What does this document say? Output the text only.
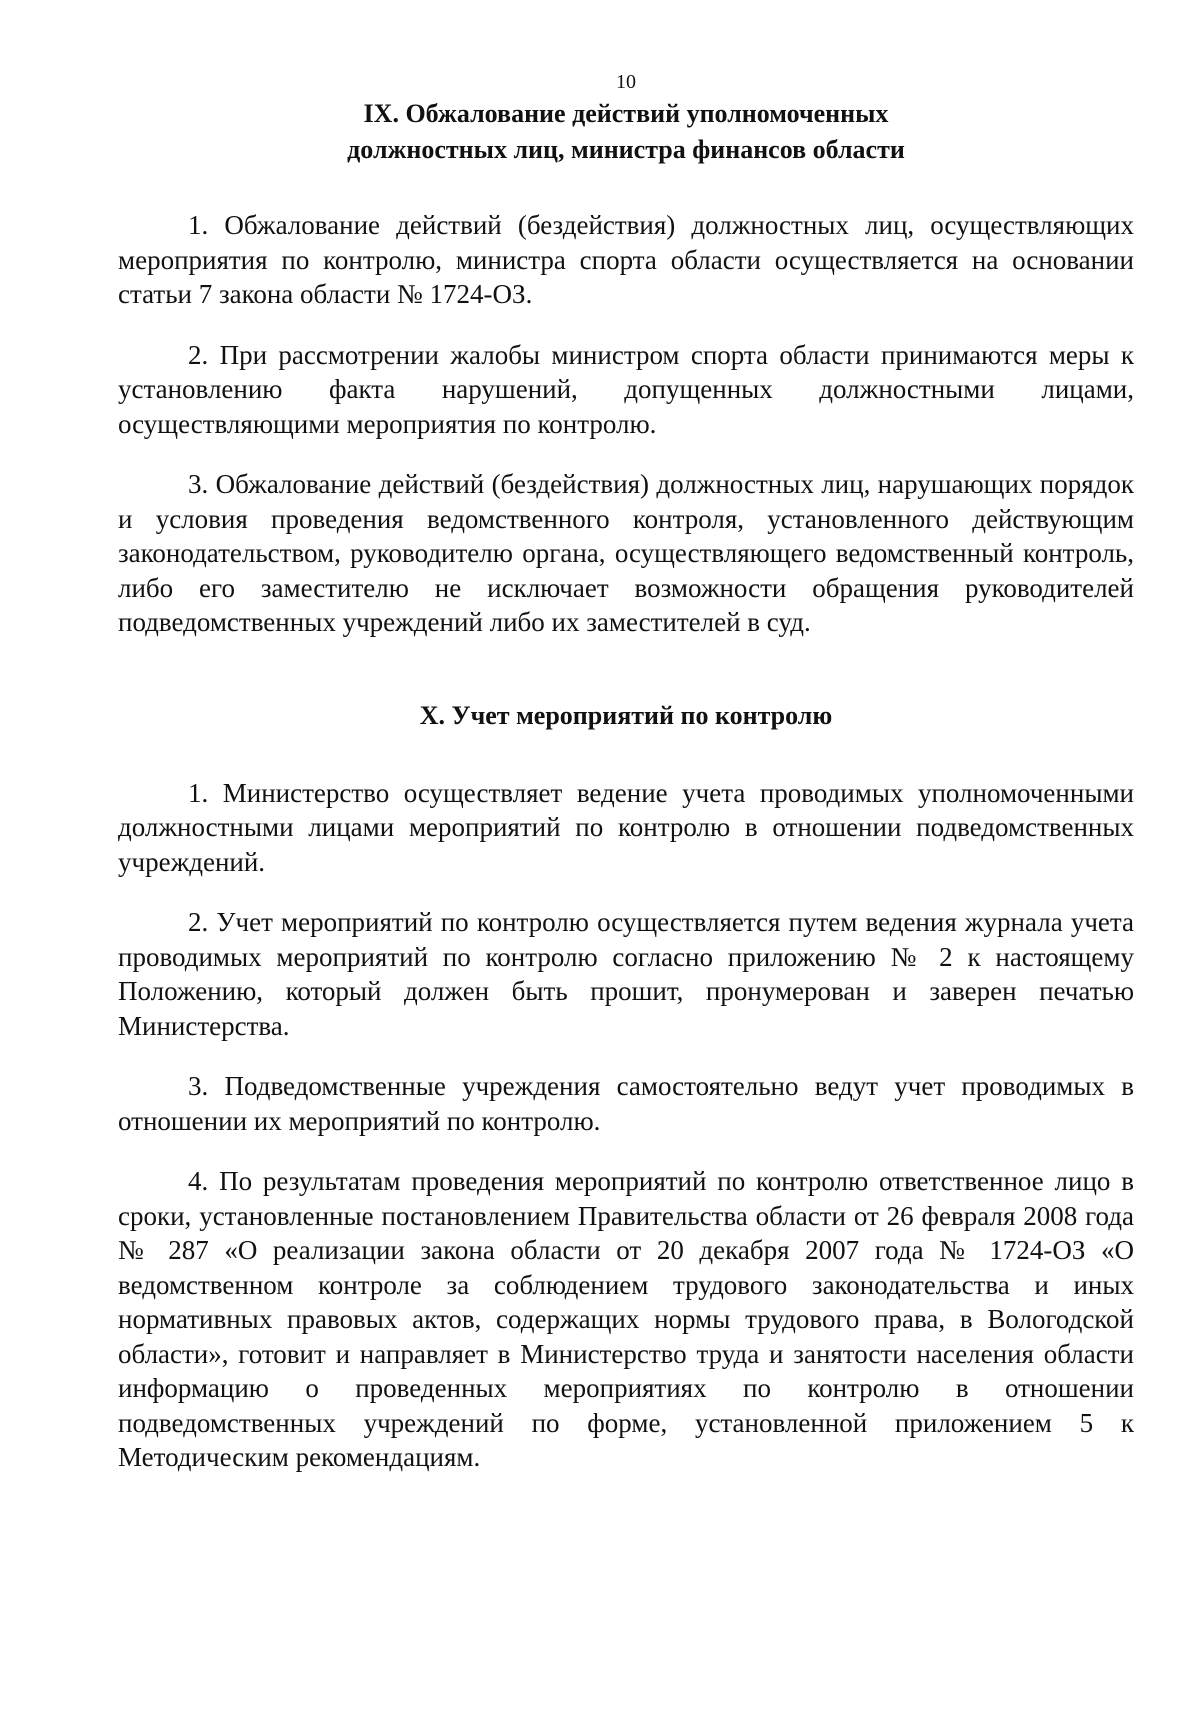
10
IX. Обжалование действий уполномоченных
должностных лиц, министра финансов области

1. Обжалование действий (бездействия) должностных лиц, осуществляющих мероприятия по контролю, министра спорта области осуществляется на основании статьи 7 закона области № 1724-ОЗ.

2. При рассмотрении жалобы министром спорта области принимаются меры к установлению факта нарушений, допущенных должностными лицами, осуществляющими мероприятия по контролю.

3. Обжалование действий (бездействия) должностных лиц, нарушающих порядок и условия проведения ведомственного контроля, установленного действующим законодательством, руководителю органа, осуществляющего ведомственный контроль, либо его заместителю не исключает возможности обращения руководителей подведомственных учреждений либо их заместителей в суд.

X. Учет мероприятий по контролю

1. Министерство осуществляет ведение учета проводимых уполномоченными должностными лицами мероприятий по контролю в отношении подведомственных учреждений.

2. Учет мероприятий по контролю осуществляется путем ведения журнала учета проводимых мероприятий по контролю согласно приложению № 2 к настоящему Положению, который должен быть прошит, пронумерован и заверен печатью Министерства.

3. Подведомственные учреждения самостоятельно ведут учет проводимых в отношении их мероприятий по контролю.

4. По результатам проведения мероприятий по контролю ответственное лицо в сроки, установленные постановлением Правительства области от 26 февраля 2008 года № 287 «О реализации закона области от 20 декабря 2007 года № 1724-ОЗ «О ведомственном контроле за соблюдением трудового законодательства и иных нормативных правовых актов, содержащих нормы трудового права, в Вологодской области», готовит и направляет в Министерство труда и занятости населения области информацию о проведенных мероприятиях по контролю в отношении подведомственных учреждений по форме, установленной приложением 5 к Методическим рекомендациям.
